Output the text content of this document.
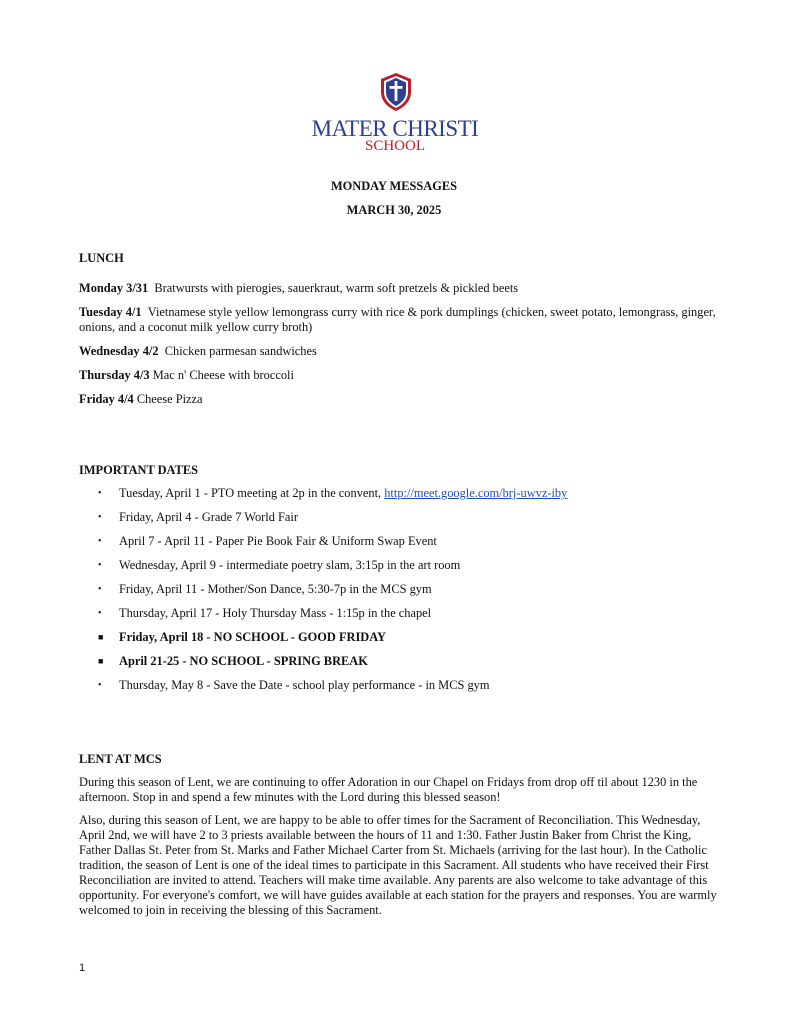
MATER CHRISTI
SCHOOL
MONDAY MESSAGES
MARCH 30, 2025
LUNCH
Monday 3/31 Bratwursts with pierogies, sauerkraut, warm soft pretzels & pickled beets
Tuesday 4/1 Vietnamese style yellow lemongrass curry with rice & pork dumplings (chicken, sweet potato, lemongrass, ginger, onions, and a coconut milk yellow curry broth)
Wednesday 4/2 Chicken parmesan sandwiches
Thursday 4/3 Mac n' Cheese with broccoli
Friday 4/4 Cheese Pizza
IMPORTANT DATES
• Tuesday, April 1 - PTO meeting at 2p in the convent, http://meet.google.com/brj-uwvz-iby
• Friday, April 4 - Grade 7 World Fair
• April 7 - April 11 - Paper Pie Book Fair & Uniform Swap Event
• Wednesday, April 9 - intermediate poetry slam, 3:15p in the art room
• Friday, April 11 - Mother/Son Dance, 5:30-7p in the MCS gym
• Thursday, April 17 - Holy Thursday Mass - 1:15p in the chapel
■ Friday, April 18 - NO SCHOOL - GOOD FRIDAY
■ April 21-25 - NO SCHOOL - SPRING BREAK
• Thursday, May 8 - Save the Date - school play performance - in MCS gym
LENT AT MCS
During this season of Lent, we are continuing to offer Adoration in our Chapel on Fridays from drop off til about 1230 in the afternoon. Stop in and spend a few minutes with the Lord during this blessed season!
Also, during this season of Lent, we are happy to be able to offer times for the Sacrament of Reconciliation. This Wednesday, April 2nd, we will have 2 to 3 priests available between the hours of 11 and 1:30. Father Justin Baker from Christ the King, Father Dallas St. Peter from St. Marks and Father Michael Carter from St. Michaels (arriving for the last hour). In the Catholic tradition, the season of Lent is one of the ideal times to participate in this Sacrament. All students who have received their First Reconciliation are invited to attend. Teachers will make time available. Any parents are also welcome to take advantage of this opportunity. For everyone's comfort, we will have guides available at each station for the prayers and responses. You are warmly welcomed to join in receiving the blessing of this Sacrament.
1
